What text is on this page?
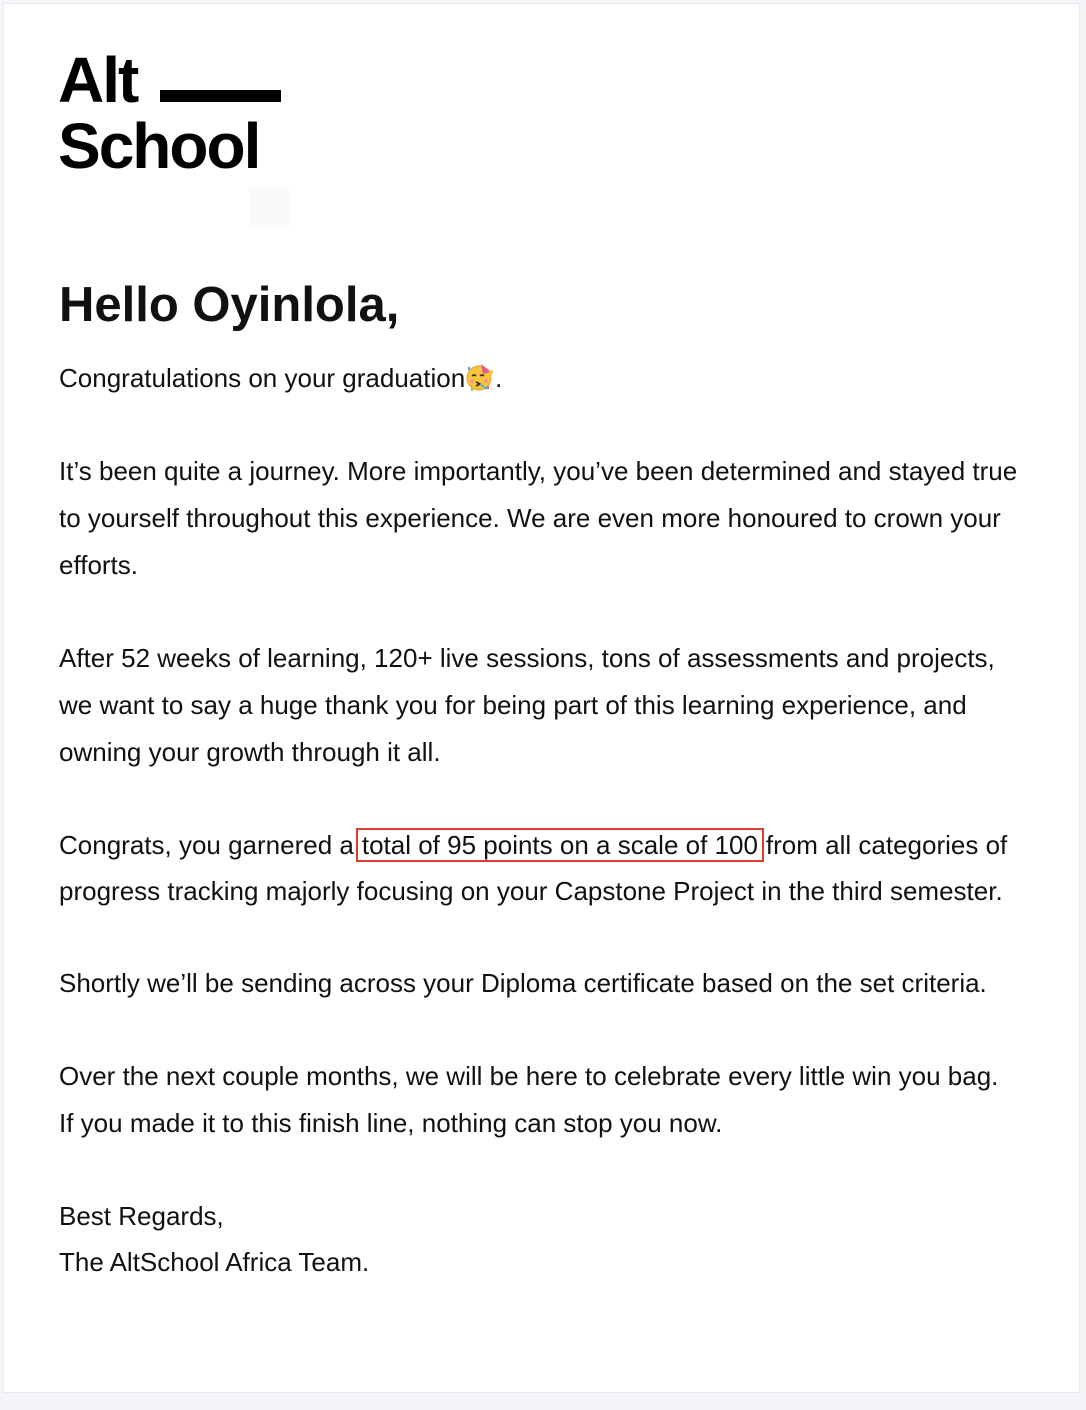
Alt
School
Hello Oyinlola,

Congratulations on your graduation .

It’s been quite a journey. More importantly, you’ve been determined and stayed true to yourself throughout this experience. We are even more honoured to crown your efforts.

After 52 weeks of learning, 120+ live sessions, tons of assessments and projects, we want to say a huge thank you for being part of this learning experience, and owning your growth through it all.

Congrats, you garnered a total of 95 points on a scale of 100 from all categories of progress tracking majorly focusing on your Capstone Project in the third semester.

Shortly we’ll be sending across your Diploma certificate based on the set criteria.

Over the next couple months, we will be here to celebrate every little win you bag. If you made it to this finish line, nothing can stop you now.

Best Regards,
The AltSchool Africa Team.
